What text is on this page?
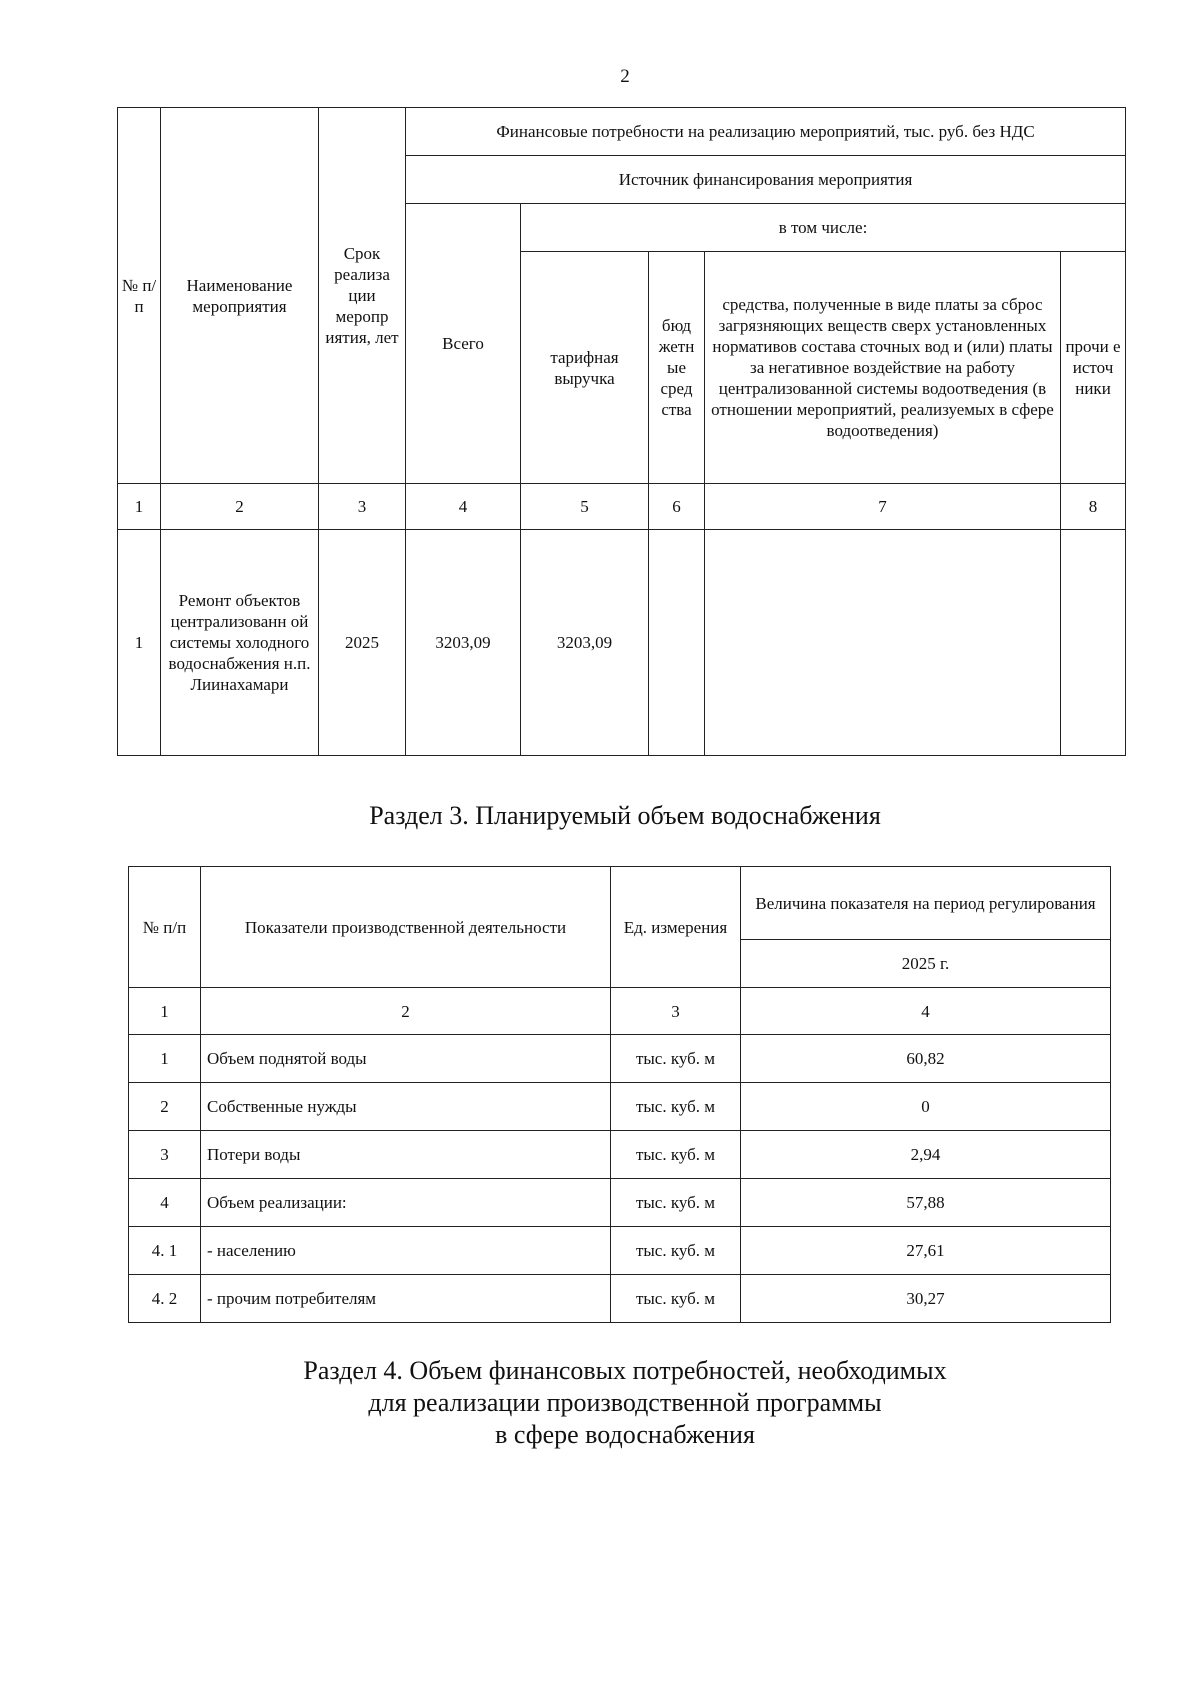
2
№ п/п	Наименование мероприятия	Срок реализа ции меропр иятия, лет	Финансовые потребности на реализацию мероприятий, тыс. руб. без НДС				
			Источник финансирования мероприятия				
			Всего	в том числе:			
				тарифная выручка	бюд жетн ые сред ства	средства, полученные в виде платы за сброс загрязняющих веществ сверх установленных нормативов состава сточных вод и (или) платы за негативное воздействие на работу централизованной системы водоотведения (в отношении мероприятий, реализуемых в сфере водоотведения)	прочи е источ ники
1	2	3	4	5	6	7	8
1	Ремонт объектов централизованн ой системы холодного водоснабжения н.п. Лиинахамари	2025	3203,09	3203,09			
Раздел 3. Планируемый объем водоснабжения
№ п/п	Показатели производственной деятельности	Ед. измерения	Величина показателя на период регулирования
			2025 г.
1	2	3	4
1	Объем поднятой воды	тыс. куб. м	60,82
2	Собственные нужды	тыс. куб. м	0
3	Потери воды	тыс. куб. м	2,94
4	Объем реализации:	тыс. куб. м	57,88
4. 1	- населению	тыс. куб. м	27,61
4. 2	- прочим потребителям	тыс. куб. м	30,27
Раздел 4. Объем финансовых потребностей, необходимых
для реализации производственной программы
в сфере водоснабжения
